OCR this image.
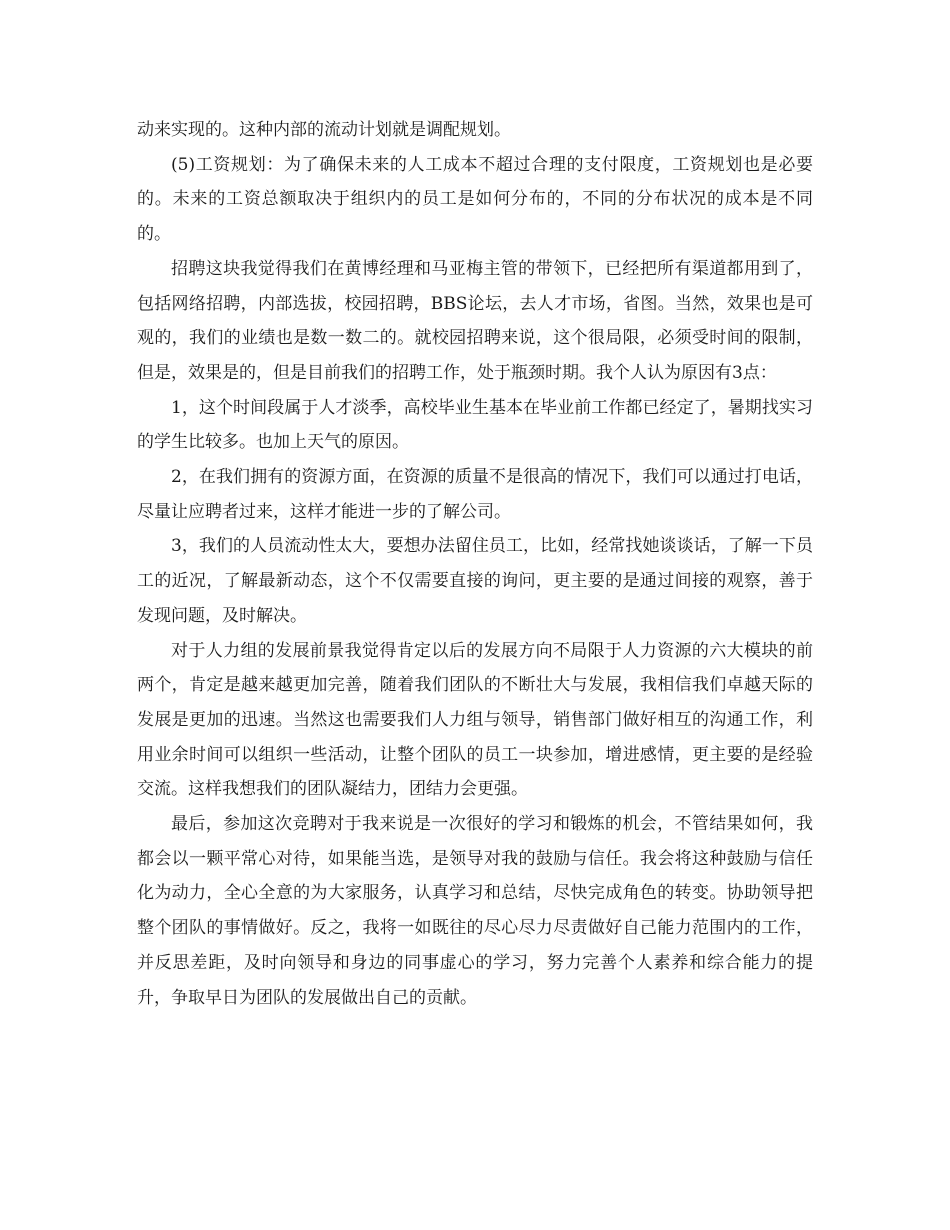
动来实现的。这种内部的流动计划就是调配规划。

(5)工资规划：为了确保未来的人工成本不超过合理的支付限度，工资规划也是必要的。未来的工资总额取决于组织内的员工是如何分布的，不同的分布状况的成本是不同的。

招聘这块我觉得我们在黄博经理和马亚梅主管的带领下，已经把所有渠道都用到了，包括网络招聘，内部选拔，校园招聘，BBS论坛，去人才市场，省图。当然，效果也是可观的，我们的业绩也是数一数二的。就校园招聘来说，这个很局限，必须受时间的限制，但是，效果是的，但是目前我们的招聘工作，处于瓶颈时期。我个人认为原因有3点：

1，这个时间段属于人才淡季，高校毕业生基本在毕业前工作都已经定了，暑期找实习的学生比较多。也加上天气的原因。

2，在我们拥有的资源方面，在资源的质量不是很高的情况下，我们可以通过打电话，尽量让应聘者过来，这样才能进一步的了解公司。

3，我们的人员流动性太大，要想办法留住员工，比如，经常找她谈谈话，了解一下员工的近况，了解最新动态，这个不仅需要直接的询问，更主要的是通过间接的观察，善于发现问题，及时解决。

对于人力组的发展前景我觉得肯定以后的发展方向不局限于人力资源的六大模块的前两个，肯定是越来越更加完善，随着我们团队的不断壮大与发展，我相信我们卓越天际的发展是更加的迅速。当然这也需要我们人力组与领导，销售部门做好相互的沟通工作，利用业余时间可以组织一些活动，让整个团队的员工一块参加，增进感情，更主要的是经验交流。这样我想我们的团队凝结力，团结力会更强。

最后，参加这次竞聘对于我来说是一次很好的学习和锻炼的机会，不管结果如何，我都会以一颗平常心对待，如果能当选，是领导对我的鼓励与信任。我会将这种鼓励与信任化为动力，全心全意的为大家服务，认真学习和总结，尽快完成角色的转变。协助领导把整个团队的事情做好。反之，我将一如既往的尽心尽力尽责做好自己能力范围内的工作，并反思差距，及时向领导和身边的同事虚心的学习，努力完善个人素养和综合能力的提升，争取早日为团队的发展做出自己的贡献。
